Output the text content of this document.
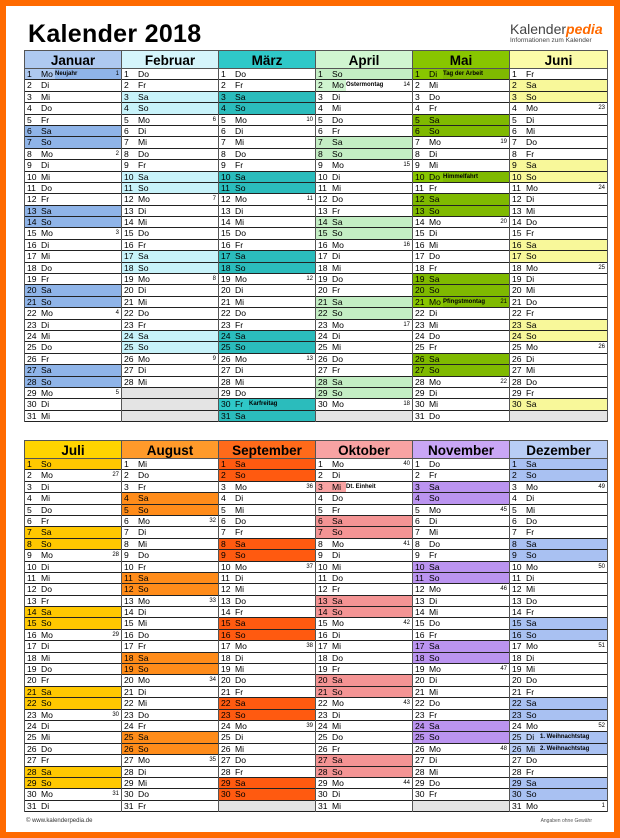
Kalender 2018	Kalenderpedia
Informationen zum Kalender
Januar
1 Mo Neujahr	1
2 Di
3 Mi
4 Do
5 Fr
6 Sa
7 So
8 Mo	2
9 Di
10 Mi
11 Do
12 Fr
13 Sa
14 So
15 Mo	3
16 Di
17 Mi
18 Do
19 Fr
20 Sa
21 So
22 Mo	4
23 Di
24 Mi
25 Do
26 Fr
27 Sa
28 So
29 Mo	5
30 Di
31 Mi
Februar
1 Do
2 Fr
3 Sa
4 So
5 Mo	6
6 Di
7 Mi
8 Do
9 Fr
10 Sa
11 So
12 Mo	7
13 Di
14 Mi
15 Do
16 Fr
17 Sa
18 So
19 Mo	8
20 Di
21 Mi
22 Do
23 Fr
24 Sa
25 So
26 Mo	9
27 Di
28 Mi
März
1 Do
2 Fr
3 Sa
4 So
5 Mo	10
6 Di
7 Mi
8 Do
9 Fr
10 Sa
11 So
12 Mo	11
13 Di
14 Mi
15 Do
16 Fr
17 Sa
18 So
19 Mo	12
20 Di
21 Mi
22 Do
23 Fr
24 Sa
25 So
26 Mo	13
27 Di
28 Mi
29 Do
30 Fr Karfreitag
31 Sa
April
1 So
2 Mo Ostermontag	14
3 Di
4 Mi
5 Do
6 Fr
7 Sa
8 So
9 Mo	15
10 Di
11 Mi
12 Do
13 Fr
14 Sa
15 So
16 Mo	16
17 Di
18 Mi
19 Do
20 Fr
21 Sa
22 So
23 Mo	17
24 Di
25 Mi
26 Do
27 Fr
28 Sa
29 So
30 Mo	18
Mai
1 Di Tag der Arbeit
2 Mi
3 Do
4 Fr
5 Sa
6 So
7 Mo	19
8 Di
9 Mi
10 Do Himmelfahrt
11 Fr
12 Sa
13 So
14 Mo	20
15 Di
16 Mi
17 Do
18 Fr
19 Sa
20 So
21 Mo Pfingstmontag	21
22 Di
23 Mi
24 Do
25 Fr
26 Sa
27 So
28 Mo	22
29 Di
30 Mi
31 Do
Juni
1 Fr
2 Sa
3 So
4 Mo	23
5 Di
6 Mi
7 Do
8 Fr
9 Sa
10 So
11 Mo	24
12 Di
13 Mi
14 Do
15 Fr
16 Sa
17 So
18 Mo	25
19 Di
20 Mi
21 Do
22 Fr
23 Sa
24 So
25 Mo	26
26 Di
27 Mi
28 Do
29 Fr
30 Sa
Juli
1 So
2 Mo	27
3 Di
4 Mi
5 Do
6 Fr
7 Sa
8 So
9 Mo	28
10 Di
11 Mi
12 Do
13 Fr
14 Sa
15 So
16 Mo	29
17 Di
18 Mi
19 Do
20 Fr
21 Sa
22 So
23 Mo	30
24 Di
25 Mi
26 Do
27 Fr
28 Sa
29 So
30 Mo	31
31 Di
August
1 Mi
2 Do
3 Fr
4 Sa
5 So
6 Mo	32
7 Di
8 Mi
9 Do
10 Fr
11 Sa
12 So
13 Mo	33
14 Di
15 Mi
16 Do
17 Fr
18 Sa
19 So
20 Mo	34
21 Di
22 Mi
23 Do
24 Fr
25 Sa
26 So
27 Mo	35
28 Di
29 Mi
30 Do
31 Fr
September
1 Sa
2 So
3 Mo	36
4 Di
5 Mi
6 Do
7 Fr
8 Sa
9 So
10 Mo	37
11 Di
12 Mi
13 Do
14 Fr
15 Sa
16 So
17 Mo	38
18 Di
19 Mi
20 Do
21 Fr
22 Sa
23 So
24 Mo	39
25 Di
26 Mi
27 Do
28 Fr
29 Sa
30 So
Oktober
1 Mo	40
2 Di
3 Mi Dt. Einheit
4 Do
5 Fr
6 Sa
7 So
8 Mo	41
9 Di
10 Mi
11 Do
12 Fr
13 Sa
14 So
15 Mo	42
16 Di
17 Mi
18 Do
19 Fr
20 Sa
21 So
22 Mo	43
23 Di
24 Mi
25 Do
26 Fr
27 Sa
28 So
29 Mo	44
30 Di
31 Mi
November
1 Do
2 Fr
3 Sa
4 So
5 Mo	45
6 Di
7 Mi
8 Do
9 Fr
10 Sa
11 So
12 Mo	46
13 Di
14 Mi
15 Do
16 Fr
17 Sa
18 So
19 Mo	47
20 Di
21 Mi
22 Do
23 Fr
24 Sa
25 So
26 Mo	48
27 Di
28 Mi
29 Do
30 Fr
Dezember
1 Sa
2 So
3 Mo	49
4 Di
5 Mi
6 Do
7 Fr
8 Sa
9 So
10 Mo	50
11 Di
12 Mi
13 Do
14 Fr
15 Sa
16 So
17 Mo	51
18 Di
19 Mi
20 Do
21 Fr
22 Sa
23 So
24 Mo	52
25 Di 1. Weihnachtstag
26 Mi 2. Weihnachtstag
27 Do
28 Fr
29 Sa
30 So
31 Mo	1
© www.kalenderpedia.de	Angaben ohne Gewähr
